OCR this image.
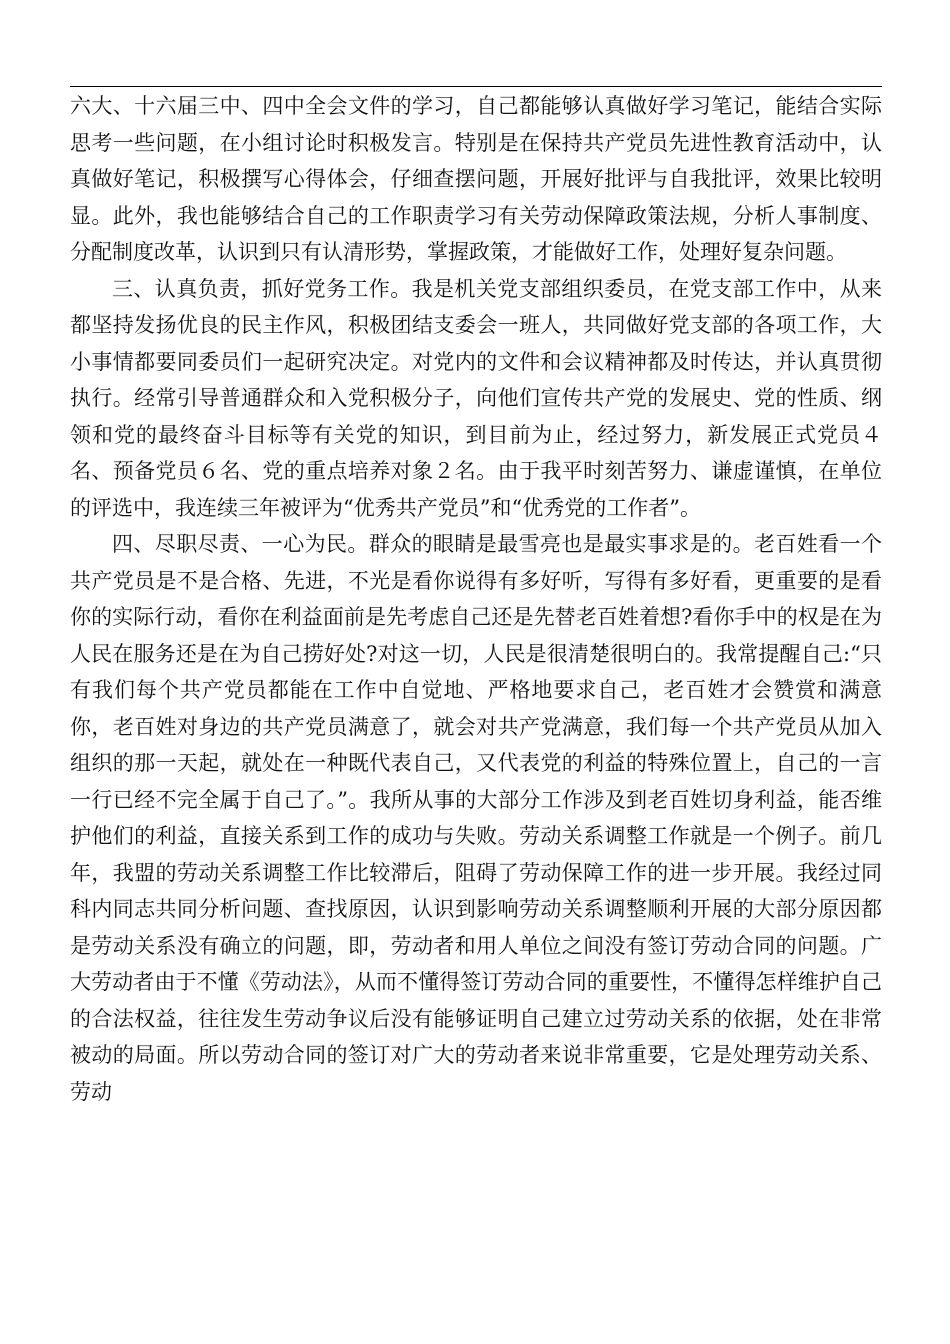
六大、十六届三中、四中全会文件的学习，自己都能够认真做好学习笔记，能结合实际思考一些问题，在小组讨论时积极发言。特别是在保持共产党员先进性教育活动中，认真做好笔记，积极撰写心得体会，仔细查摆问题，开展好批评与自我批评，效果比较明显。此外，我也能够结合自己的工作职责学习有关劳动保障政策法规，分析人事制度、分配制度改革，认识到只有认清形势，掌握政策，才能做好工作，处理好复杂问题。

三、认真负责，抓好党务工作。我是机关党支部组织委员，在党支部工作中，从来都坚持发扬优良的民主作风，积极团结支委会一班人，共同做好党支部的各项工作，大小事情都要同委员们一起研究决定。对党内的文件和会议精神都及时传达，并认真贯彻执行。经常引导普通群众和入党积极分子，向他们宣传共产党的发展史、党的性质、纲领和党的最终奋斗目标等有关党的知识，到目前为止，经过努力，新发展正式党员４名、预备党员６名、党的重点培养对象２名。由于我平时刻苦努力、谦虚谨慎，在单位的评选中，我连续三年被评为“优秀共产党员”和“优秀党的工作者”。

四、尽职尽责、一心为民。群众的眼睛是最雪亮也是最实事求是的。老百姓看一个共产党员是不是合格、先进，不光是看你说得有多好听，写得有多好看，更重要的是看你的实际行动，看你在利益面前是先考虑自己还是先替老百姓着想?看你手中的权是在为人民在服务还是在为自己捞好处?对这一切，人民是很清楚很明白的。我常提醒自己:“只有我们每个共产党员都能在工作中自觉地、严格地要求自己，老百姓才会赞赏和满意你，老百姓对身边的共产党员满意了，就会对共产党满意，我们每一个共产党员从加入组织的那一天起，就处在一种既代表自己，又代表党的利益的特殊位置上，自己的一言一行已经不完全属于自己了。”。我所从事的大部分工作涉及到老百姓切身利益，能否维护他们的利益，直接关系到工作的成功与失败。劳动关系调整工作就是一个例子。前几年，我盟的劳动关系调整工作比较滞后，阻碍了劳动保障工作的进一步开展。我经过同科内同志共同分析问题、查找原因，认识到影响劳动关系调整顺利开展的大部分原因都是劳动关系没有确立的问题，即，劳动者和用人单位之间没有签订劳动合同的问题。广大劳动者由于不懂《劳动法》，从而不懂得签订劳动合同的重要性，不懂得怎样维护自己的合法权益，往往发生劳动争议后没有能够证明自己建立过劳动关系的依据，处在非常被动的局面。所以劳动合同的签订对广大的劳动者来说非常重要，它是处理劳动关系、劳动
